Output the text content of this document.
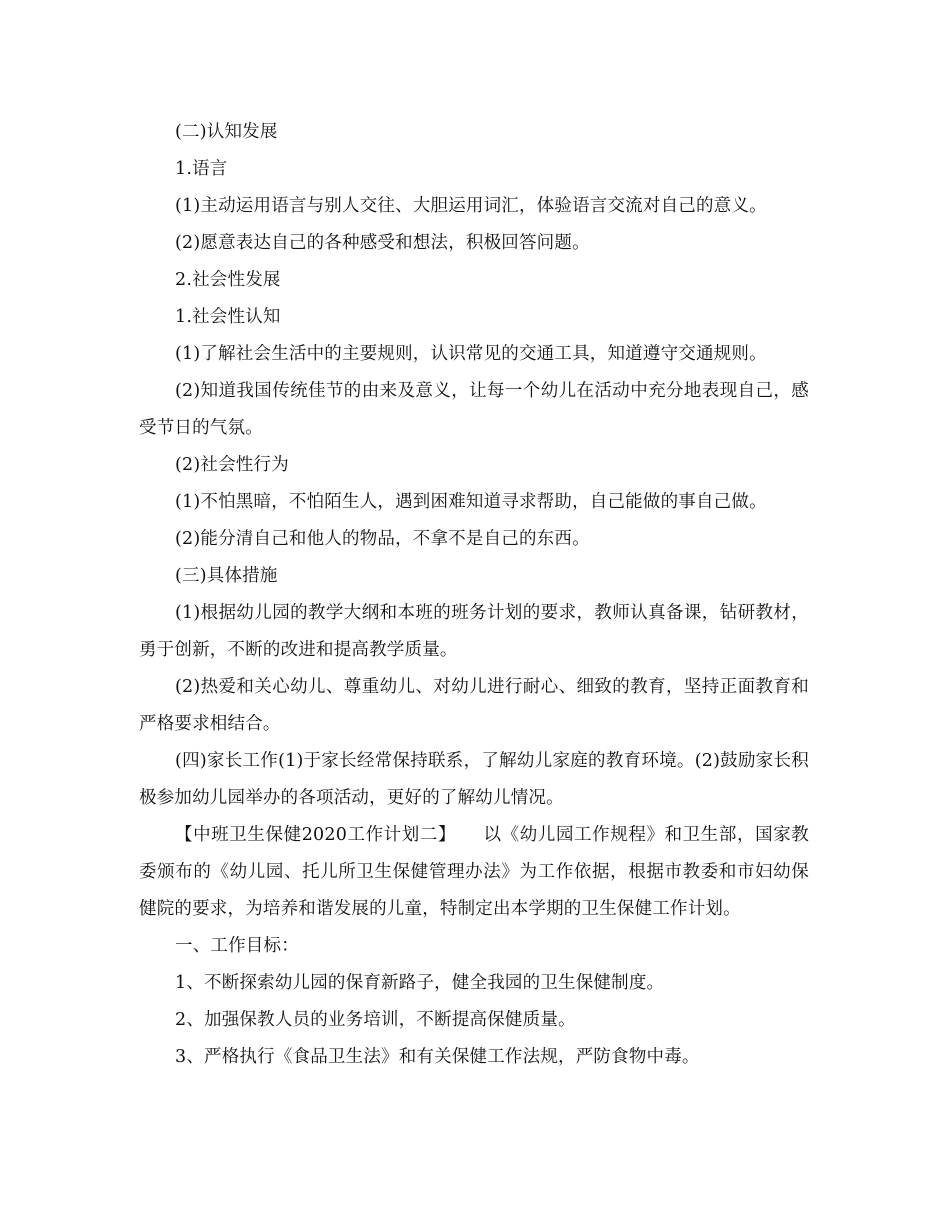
(二)认知发展

1.语言

(1)主动运用语言与别人交往、大胆运用词汇，体验语言交流对自己的意义。

(2)愿意表达自己的各种感受和想法，积极回答问题。

2.社会性发展

1.社会性认知

(1)了解社会生活中的主要规则，认识常见的交通工具，知道遵守交通规则。

(2)知道我国传统佳节的由来及意义，让每一个幼儿在活动中充分地表现自己，感受节日的气氛。

(2)社会性行为

(1)不怕黑暗，不怕陌生人，遇到困难知道寻求帮助，自己能做的事自己做。

(2)能分清自己和他人的物品，不拿不是自己的东西。

(三)具体措施

(1)根据幼儿园的教学大纲和本班的班务计划的要求，教师认真备课，钻研教材，勇于创新，不断的改进和提高教学质量。

(2)热爱和关心幼儿、尊重幼儿、对幼儿进行耐心、细致的教育，坚持正面教育和严格要求相结合。

(四)家长工作(1)于家长经常保持联系，了解幼儿家庭的教育环境。(2)鼓励家长积极参加幼儿园举办的各项活动，更好的了解幼儿情况。

【中班卫生保健2020工作计划二】　　以《幼儿园工作规程》和卫生部，国家教委颁布的《幼儿园、托儿所卫生保健管理办法》为工作依据，根据市教委和市妇幼保健院的要求，为培养和谐发展的儿童，特制定出本学期的卫生保健工作计划。

一、工作目标：

1、不断探索幼儿园的保育新路子，健全我园的卫生保健制度。

2、加强保教人员的业务培训，不断提高保健质量。

3、严格执行《食品卫生法》和有关保健工作法规，严防食物中毒。
